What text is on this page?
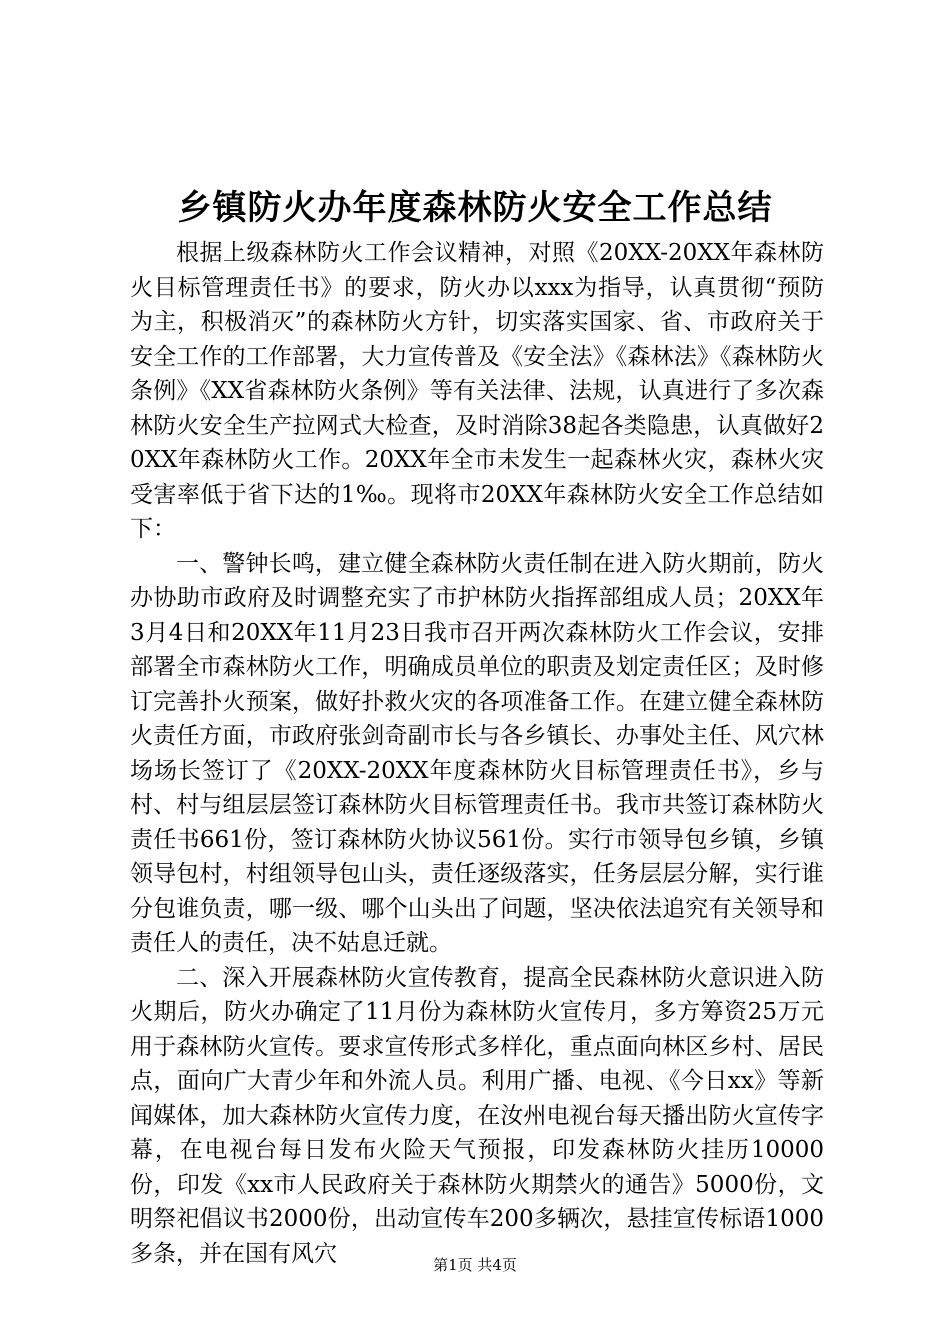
乡镇防火办年度森林防火安全工作总结

根据上级森林防火工作会议精神，对照《20XX-20XX年森林防火目标管理责任书》的要求，防火办以xxx为指导，认真贯彻“预防为主，积极消灭”的森林防火方针，切实落实国家、省、市政府关于安全工作的工作部署，大力宣传普及《安全法》《森林法》《森林防火条例》《XX省森林防火条例》等有关法律、法规，认真进行了多次森林防火安全生产拉网式大检查，及时消除38起各类隐患，认真做好20XX年森林防火工作。20XX年全市未发生一起森林火灾，森林火灾受害率低于省下达的1‰。现将市20XX年森林防火安全工作总结如下：

一、警钟长鸣，建立健全森林防火责任制在进入防火期前，防火办协助市政府及时调整充实了市护林防火指挥部组成人员；20XX年3月4日和20XX年11月23日我市召开两次森林防火工作会议，安排部署全市森林防火工作，明确成员单位的职责及划定责任区；及时修订完善扑火预案，做好扑救火灾的各项准备工作。在建立健全森林防火责任方面，市政府张剑奇副市长与各乡镇长、办事处主任、风穴林场场长签订了《20XX-20XX年度森林防火目标管理责任书》，乡与村、村与组层层签订森林防火目标管理责任书。我市共签订森林防火责任书661份，签订森林防火协议561份。实行市领导包乡镇，乡镇领导包村，村组领导包山头，责任逐级落实，任务层层分解，实行谁分包谁负责，哪一级、哪个山头出了问题，坚决依法追究有关领导和责任人的责任，决不姑息迁就。

二、深入开展森林防火宣传教育，提高全民森林防火意识进入防火期后，防火办确定了11月份为森林防火宣传月，多方筹资25万元用于森林防火宣传。要求宣传形式多样化，重点面向林区乡村、居民点，面向广大青少年和外流人员。利用广播、电视、《今日xx》等新闻媒体，加大森林防火宣传力度，在汝州电视台每天播出防火宣传字幕，在电视台每日发布火险天气预报，印发森林防火挂历10000份，印发《xx市人民政府关于森林防火期禁火的通告》5000份，文明祭祀倡议书2000份，出动宣传车200多辆次，悬挂宣传标语1000多条，并在国有风穴	第1页 共4页
